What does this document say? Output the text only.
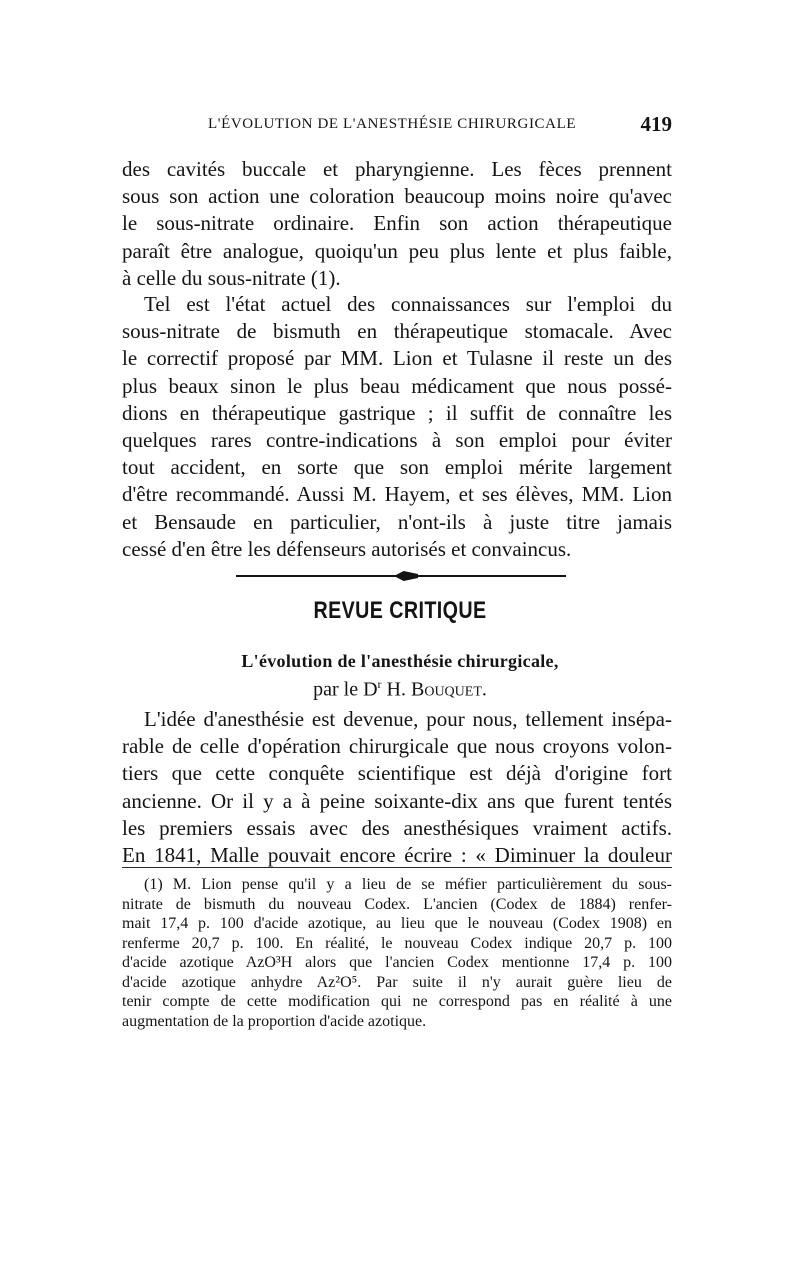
L'ÉVOLUTION DE L'ANESTHÉSIE CHIRURGICALE	419
des cavités buccale et pharyngienne. Les fèces prennent
sous son action une coloration beaucoup moins noire qu'avec
le sous-nitrate ordinaire. Enfin son action thérapeutique
paraît être analogue, quoiqu'un peu plus lente et plus faible,
à celle du sous-nitrate (1).
Tel est l'état actuel des connaissances sur l'emploi du
sous-nitrate de bismuth en thérapeutique stomacale. Avec
le correctif proposé par MM. Lion et Tulasne il reste un des
plus beaux sinon le plus beau médicament que nous possé-
dions en thérapeutique gastrique ; il suffit de connaître les
quelques rares contre-indications à son emploi pour éviter
tout accident, en sorte que son emploi mérite largement
d'être recommandé. Aussi M. Hayem, et ses élèves, MM. Lion
et Bensaude en particulier, n'ont-ils à juste titre jamais
cessé d'en être les défenseurs autorisés et convaincus.
REVUE CRITIQUE
L'évolution de l'anesthésie chirurgicale,
par le $D^r$ H. Bouquet.
L'idée d'anesthésie est devenue, pour nous, tellement insépa-
rable de celle d'opération chirurgicale que nous croyons volon-
tiers que cette conquête scientifique est déjà d'origine fort
ancienne. Or il y a à peine soixante-dix ans que furent tentés
les premiers essais avec des anesthésiques vraiment actifs.
En 1841, Malle pouvait encore écrire : « Diminuer la douleur
(1) M. Lion pense qu'il y a lieu de se méfier particulièrement du sous-
nitrate de bismuth du nouveau Codex. L'ancien (Codex de 1884) renfer-
mait 17,4 p. 100 d'acide azotique, au lieu que le nouveau (Codex 1908) en
renferme 20,7 p. 100. En réalité, le nouveau Codex indique 20,7 p. 100
d'acide azotique AzO³H alors que l'ancien Codex mentionne 17,4 p. 100
d'acide azotique anhydre Az²O⁵. Par suite il n'y aurait guère lieu de
tenir compte de cette modification qui ne correspond pas en réalité à une
augmentation de la proportion d'acide azotique.
